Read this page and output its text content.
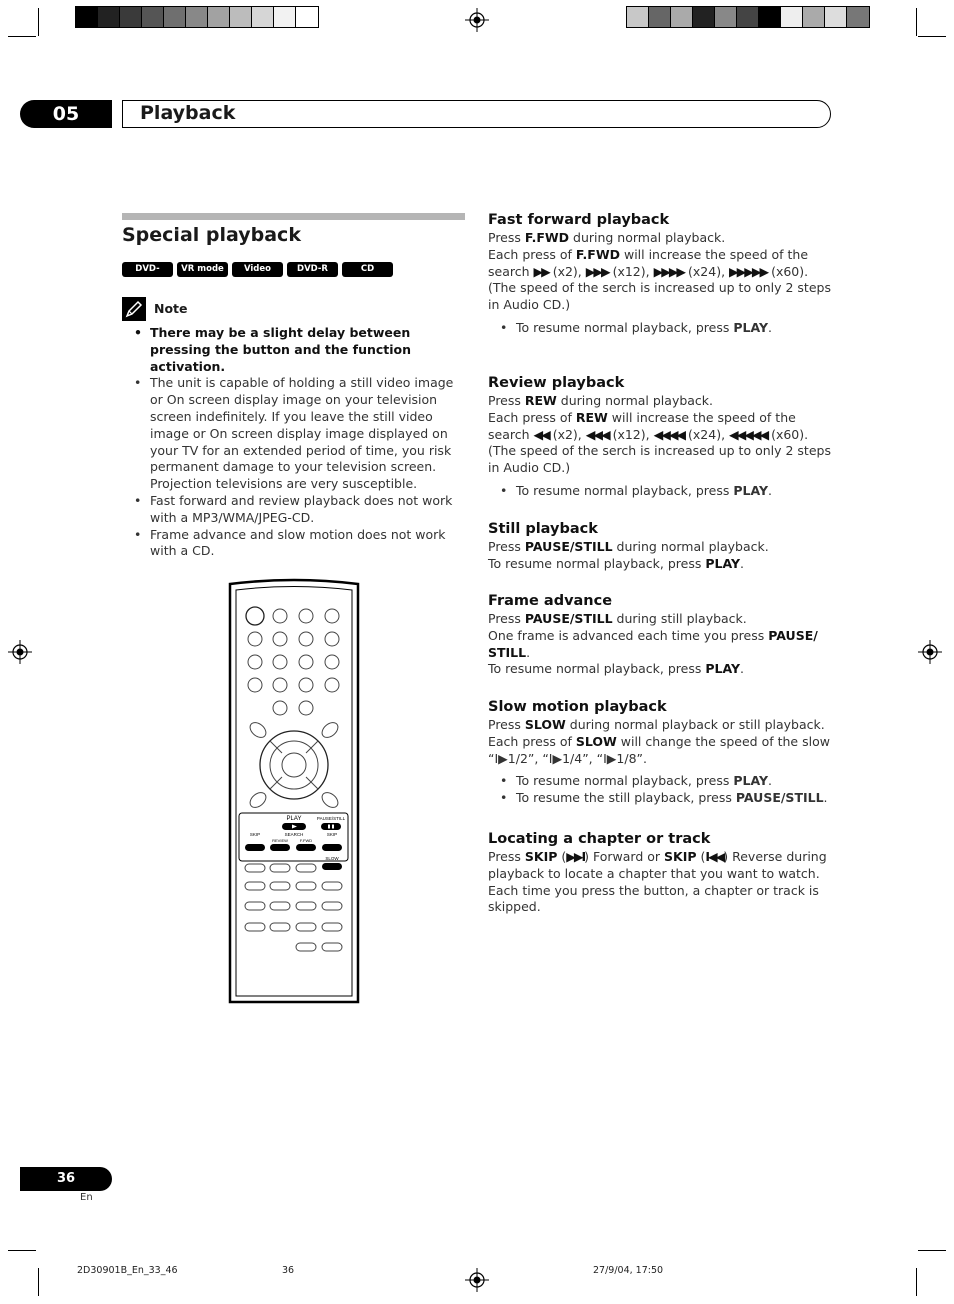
05	Playback
Special playback
DVD-Video
VR mode	Video mode
DVD-R	CD
Note
• There may be a slight delay between pressing the button and the function activation.
• The unit is capable of holding a still video image or On screen display image on your television screen indefinitely. If you leave the still video image or On screen display image displayed on your TV for an extended period of time, you risk permanent damage to your television screen. Projection televisions are very susceptible.
• Fast forward and review playback does not work with a MP3/WMA/JPEG-CD.
• Frame advance and slow motion does not work with a CD.
PLAY	PAUSE/STILL
SKIP	SEARCH	SKIP
REVIEW	F.FWD
SLOW
Fast forward playback

Press F.FWD during normal playback.
Each press of F.FWD will increase the speed of the search ▶▶ (x2), ▶▶▶ (x12), ▶▶▶▶ (x24), ▶▶▶▶▶ (x60).
(The speed of the serch is increased up to only 2 steps in Audio CD.)

• To resume normal playback, press PLAY.
Review playback

Press REW during normal playback.
Each press of REW will increase the speed of the search ◀◀ (x2), ◀◀◀ (x12), ◀◀◀◀ (x24), ◀◀◀◀◀ (x60).
(The speed of the serch is increased up to only 2 steps in Audio CD.)

• To resume normal playback, press PLAY.
Still playback

Press PAUSE/STILL during normal playback.
To resume normal playback, press PLAY.

Frame advance

Press PAUSE/STILL during still playback.
One frame is advanced each time you press PAUSE/ STILL.
To resume normal playback, press PLAY.

Slow motion playback

Press SLOW during normal playback or still playback.
Each press of SLOW will change the speed of the slow
“I▶1/2”, “I▶1/4”, “I▶1/8”.

• To resume normal playback, press PLAY.
• To resume the still playback, press PAUSE/STILL.
Locating a chapter or track

Press SKIP (▶▶I) Forward or SKIP (I◀◀) Reverse during playback to locate a chapter that you want to watch. Each time you press the button, a chapter or track is skipped.

36
En
2D30901B_En_33_46	36	27/9/04, 17:50
